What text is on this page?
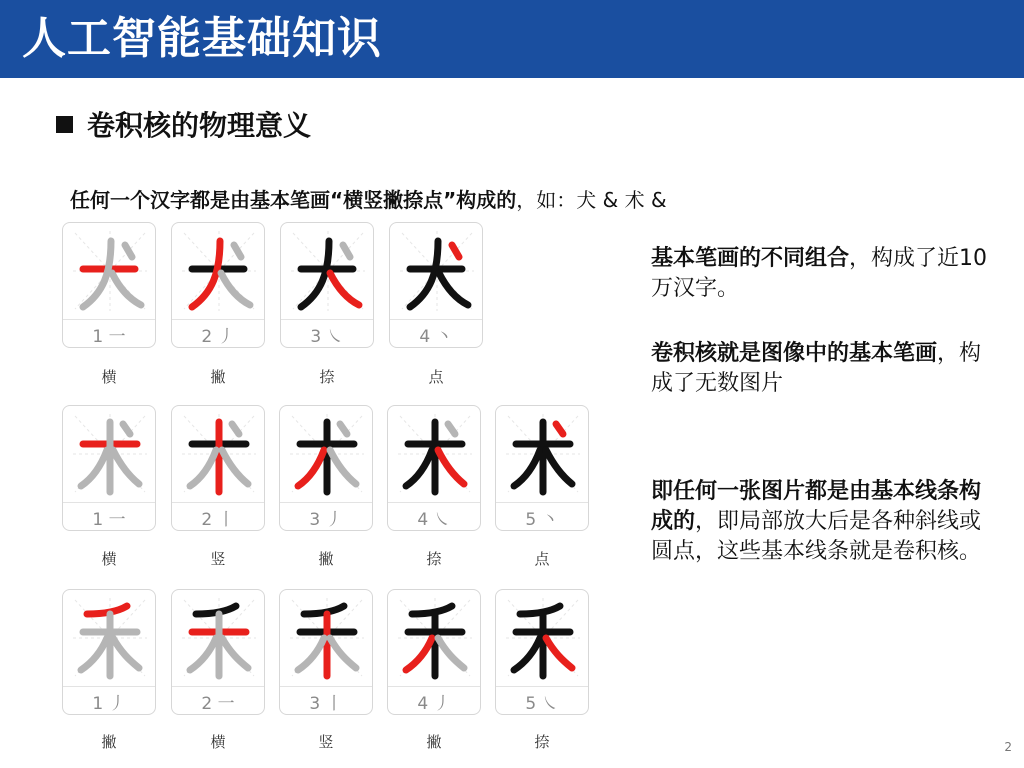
人工智能基础知识
卷积核的物理意义
任何一个汉字都是由基本笔画“横竖撇捺点”构成的，如：犬 & 术 &
1 一
横
2 丿
撇
3 ㇏
捺
4 丶
点
1 一
横
2 丨
竖
3 丿
撇
4 ㇏
捺
5 丶
点
1 丿
撇
2 一
横
3 丨
竖
4 丿
撇
5 ㇏
捺
基本笔画的不同组合，构成了近10万汉字。
卷积核就是图像中的基本笔画，构成了无数图片
即任何一张图片都是由基本线条构成的，即局部放大后是各种斜线或圆点，这些基本线条就是卷积核。
2
